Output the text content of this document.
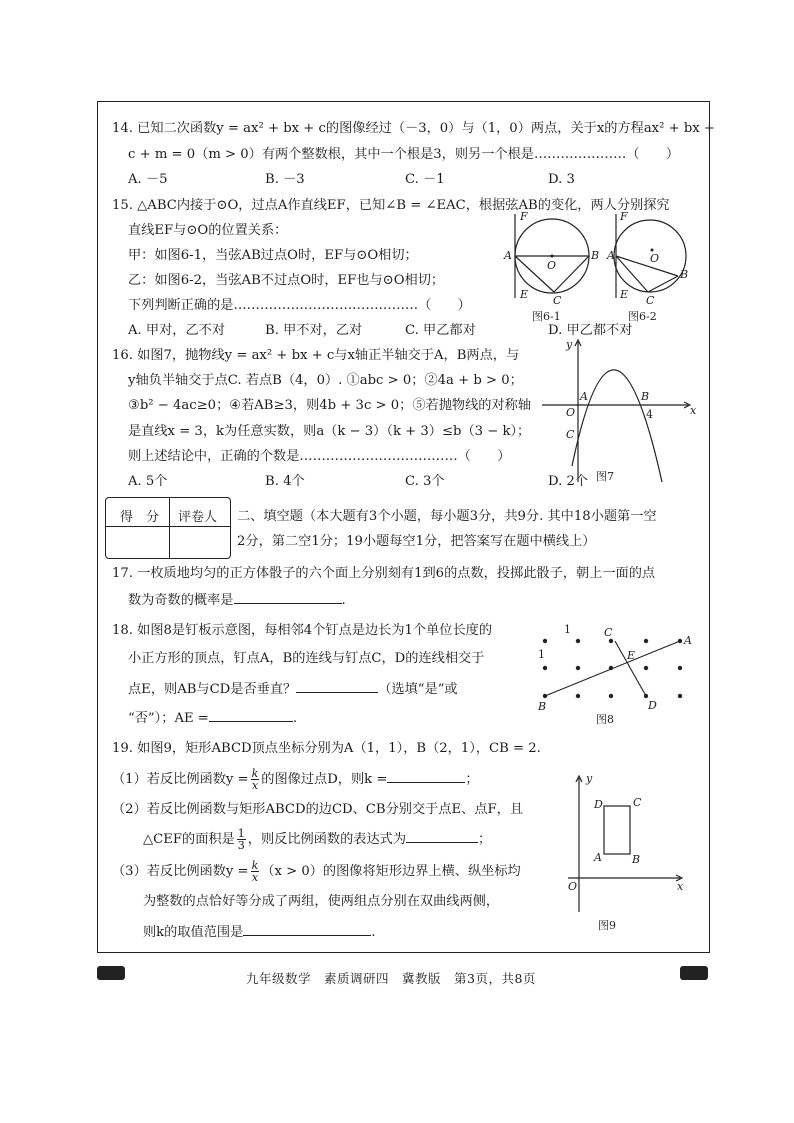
14. 已知二次函数y = ax² + bx + c的图像经过（－3，0）与（1，0）两点，关于x的方程ax² + bx +
c + m = 0（m > 0）有两个整数根，其中一个根是3，则另一个根是…………………（　　）
A. －5	B. －3	C. －1	D. 3
15. △ABC内接于⊙O，过点A作直线EF，已知∠B = ∠EAC，根据弦AB的变化，两人分别探究
直线EF与⊙O的位置关系：
甲：如图6-1，当弦AB过点O时，EF与⊙O相切；
乙：如图6-2，当弦AB不过点O时，EF也与⊙O相切；
下列判断正确的是……………………………………（　　）
A. 甲对，乙不对	B. 甲不对，乙对	C. 甲乙都对	D. 甲乙都不对
F
A	B
O
E C
图6-1
F
A
B
O
E C
图6-2
16. 如图7，抛物线y = ax² + bx + c与x轴正半轴交于A，B两点，与
y轴负半轴交于点C. 若点B（4，0）. ①abc > 0；②4a + b > 0；
③b² − 4ac≥0；④若AB≥3，则4b + 3c > 0；⑤若抛物线的对称轴
是直线x = 3，k为任意实数，则a（k − 3）（k + 3）≤b（3 − k）；
则上述结论中，正确的个数是………………………………（　　）
A. 5个	B. 4个	C. 3个	D. 2个
y
x
O
A	B
4
C
图7
得　分 评卷人 二、填空题（本大题有3个小题，每小题3分，共9分. 其中18小题第一空
2分，第二空1分；19小题每空1分，把答案写在题中横线上）
17. 一枚质地均匀的正方体骰子的六个面上分别刻有1到6的点数，投掷此骰子，朝上一面的点
数为奇数的概率是	.
18. 如图8是钉板示意图，每相邻4个钉点是边长为1个单位长度的
小正方形的顶点，钉点A，B的连线与钉点C，D的连线相交于
点E，则AB与CD是否垂直？	（选填“是”或
“否”）；AE =	.
1
1
C
A
E
B	D
图8
19. 如图9，矩形ABCD顶点坐标分别为A（1，1），B（2，1），CB = 2.
（1）若反比例函数$y = \frac{k}{x}$ 的图像过点D，则k =	；
（2）若反比例函数与矩形ABCD的边CD、CB分别交于点E、点F，且
△CEF的面积是 $\frac{1}{3}$ ，则反比例函数的表达式为	；
（3）若反比例函数$y = \frac{k}{x} (x > 0)$的图像将矩形边界上横、纵坐标均
为整数的点恰好等分成了两组，使两组点分别在双曲线两侧，
则k的取值范围是	.
y
x
O
D	C
A	B
图9
九年级数学　素质调研四　冀教版　第3页，共8页
